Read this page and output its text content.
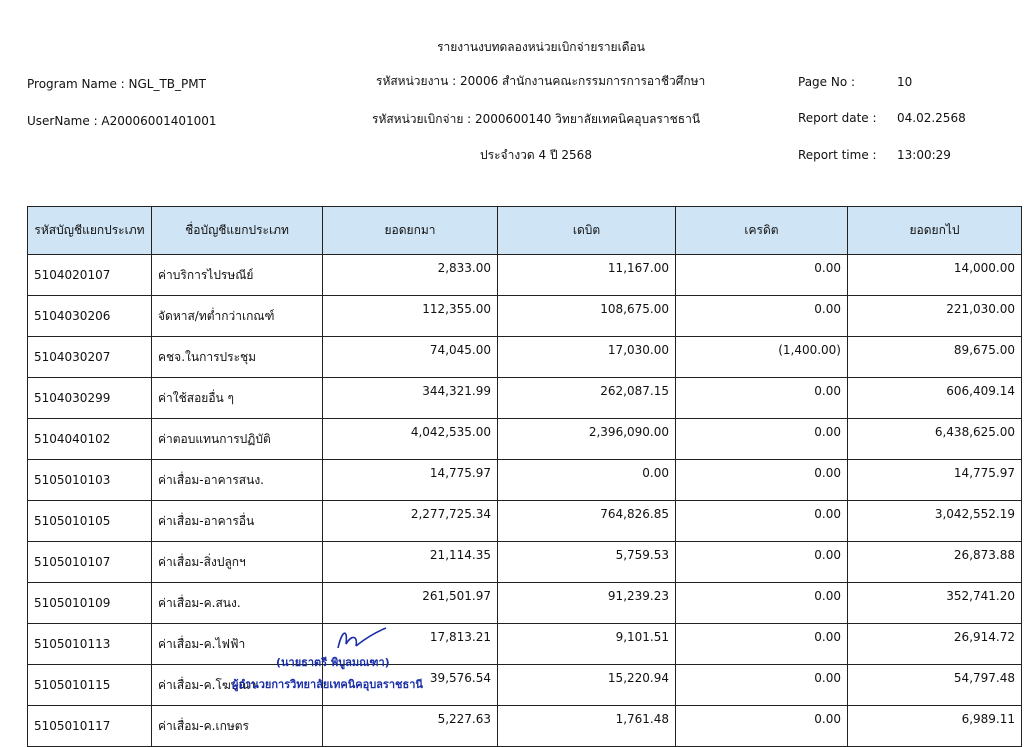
รายงานงบทดลองหน่วยเบิกจ่ายรายเดือน
Program Name : NGL_TB_PMT
UserName : A20006001401001
รหัสหน่วยงาน : 20006 สำนักงานคณะกรรมการการอาชีวศึกษา
รหัสหน่วยเบิกจ่าย : 2000600140 วิทยาลัยเทคนิคอุบลราชธานี
ประจำงวด 4 ปี 2568
Page No :	10
Report date : 04.02.2568
Report time : 13:00:29
รหัสบัญชีแยกประเภท	ชื่อบัญชีแยกประเภท	ยอดยกมา	เดบิต	เครดิต	ยอดยกไป
5104020107	ค่าบริการไปรษณีย์	2,833.00	11,167.00	0.00	14,000.00
5104030206	จัดหาส/ทต่ำกว่าเกณฑ์	112,355.00	108,675.00	0.00	221,030.00
5104030207	คชจ.ในการประชุม	74,045.00	17,030.00	(1,400.00)	89,675.00
5104030299	ค่าใช้สอยอื่น ๆ	344,321.99	262,087.15	0.00	606,409.14
5104040102	ค่าตอบแทนการปฏิบัติ	4,042,535.00	2,396,090.00	0.00	6,438,625.00
5105010103	ค่าเสื่อม-อาคารสนง.	14,775.97	0.00	0.00	14,775.97
5105010105	ค่าเสื่อม-อาคารอื่น	2,277,725.34	764,826.85	0.00	3,042,552.19
5105010107	ค่าเสื่อม-สิ่งปลูกฯ	21,114.35	5,759.53	0.00	26,873.88
5105010109	ค่าเสื่อม-ค.สนง.	261,501.97	91,239.23	0.00	352,741.20
5105010113	ค่าเสื่อม-ค.ไฟฟ้า	17,813.21	9,101.51	0.00	26,914.72
5105010115	ค่าเสื่อม-ค.โฆษณา	39,576.54	15,220.94	0.00	54,797.48
5105010117	ค่าเสื่อม-ค.เกษตร	5,227.63	1,761.48	0.00	6,989.11
(นายธาตรี พิบูลมณฑา)
ผู้อำนวยการวิทยาลัยเทคนิคอุบลราชธานี
